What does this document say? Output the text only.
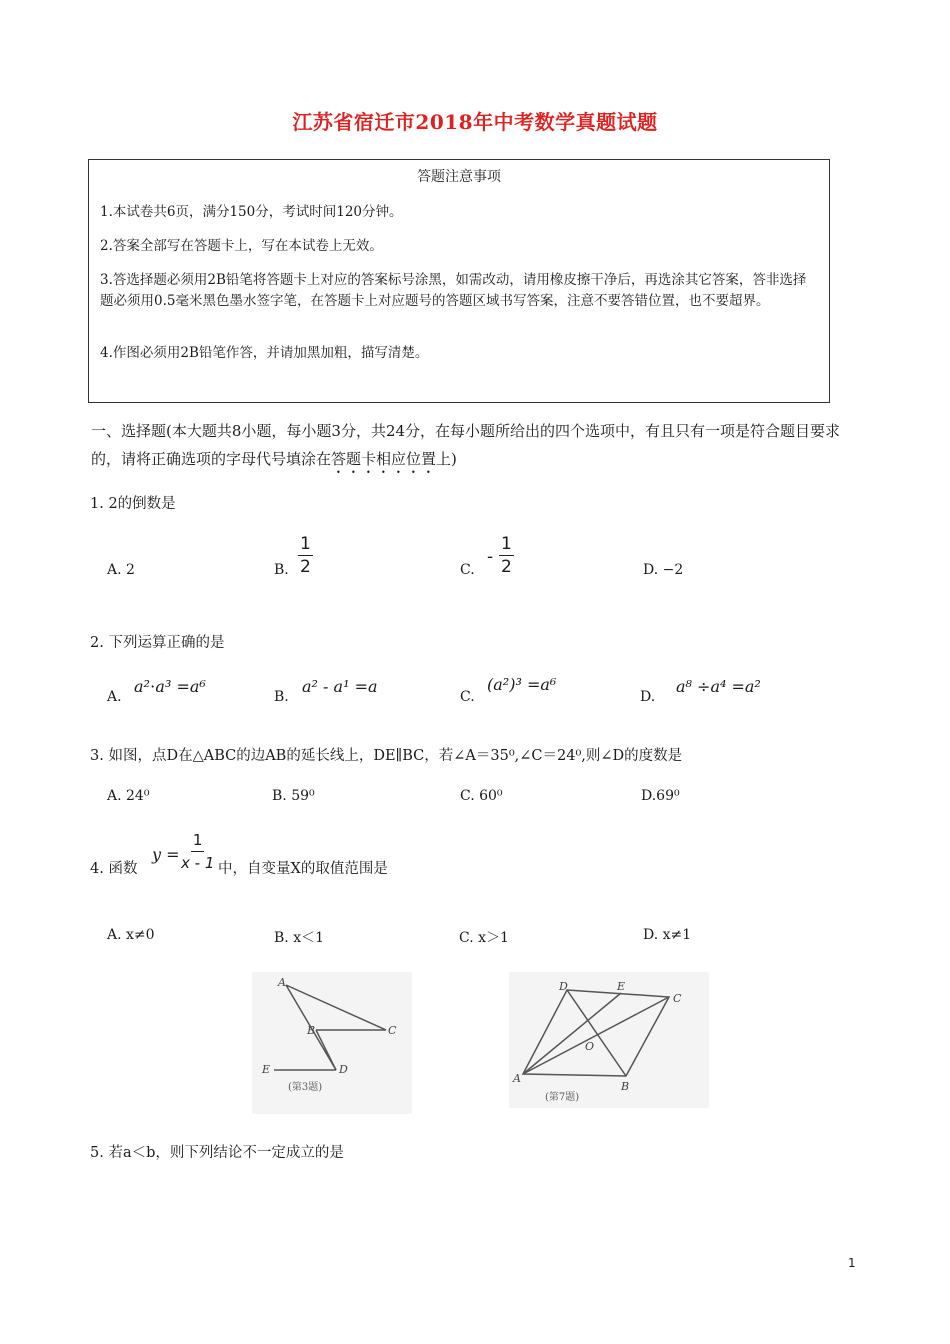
江苏省宿迁市2018年中考数学真题试题
答题注意事项
1.本试卷共6页，满分150分，考试时间120分钟。
2.答案全部写在答题卡上，写在本试卷上无效。
3.答选择题必须用2B铅笔将答题卡上对应的答案标号涂黑，如需改动，请用橡皮擦干净后，再选涂其它答案，答非选择题必须用0.5毫米黑色墨水签字笔，在答题卡上对应题号的答题区域书写答案，注意不要答错位置，也不要超界。
4.作图必须用2B铅笔作答，并请加黑加粗，描写清楚。
一、选择题(本大题共8小题，每小题3分，共24分，在每小题所给出的四个选项中，有且只有一项是符合题目要求的，请将正确选项的字母代号填涂在答题卡相应位置上)
1. 2的倒数是
A. 2	B. $\frac{1}{2}$	C.
- $\frac{1}{2}$	D. −2
2. 下列运算正确的是
A.
a²⋅a³ =a⁶
B.
a² - a¹ =a
C.
(a²)³ =a⁶
D.
a⁸ ÷a⁴ =a²
3. 如图，点D在△ABC的边AB的延长线上，DE∥BC，若∠A＝35⁰,∠C＝24⁰,则∠D的度数是
A. 24⁰	B. 59⁰	C. 60⁰	D.69⁰
4. 函数
$y = \frac{1}{x - 1}$ 中，自变量X的取值范围是
A. x≠0	B. x＜1	C. x＞1	D. x≠1
A
B	C
D
E
(第3题)
D	E
C
O
A
B
(第7题)
5. 若a＜b，则下列结论不一定成立的是
1
